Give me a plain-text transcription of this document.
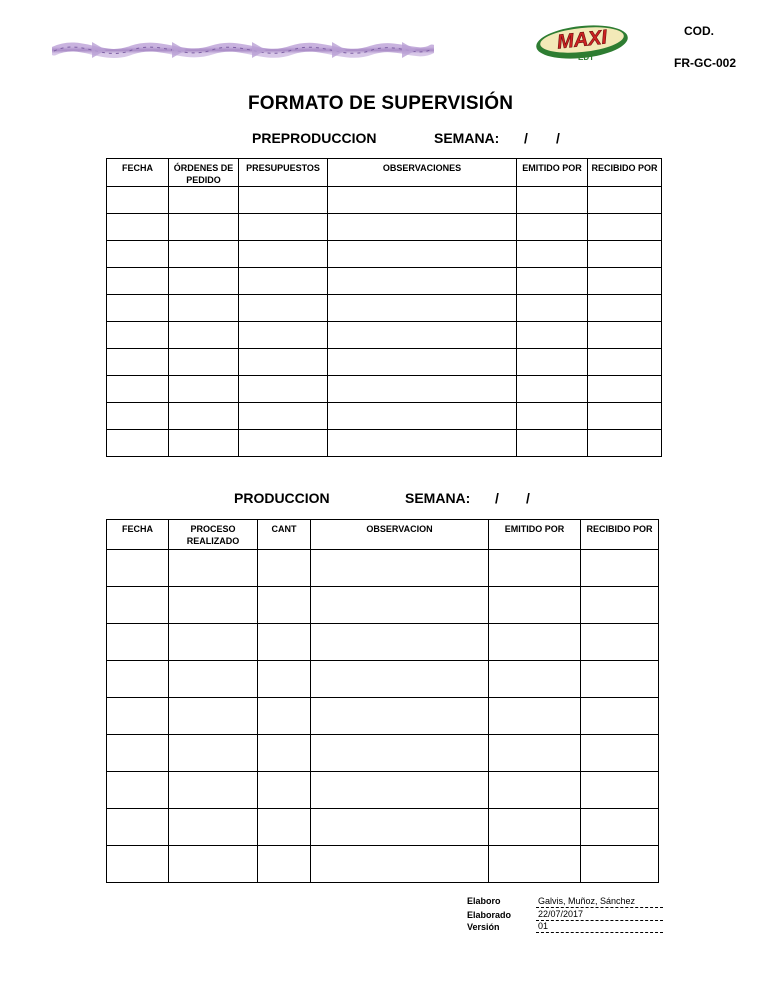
MAXI
EDT
COD.
FR-GC-002
FORMATO DE SUPERVISIÓN
PREPRODUCCION	SEMANA: / /
FECHA	ÓRDENES DE PEDIDO	PRESUPUESTOS	OBSERVACIONES	EMITIDO POR	RECIBIDO POR

PRODUCCION	SEMANA: / /
FECHA	PROCESO REALIZADO	CANT	OBSERVACION	EMITIDO POR	RECIBIDO POR

Elaboro	Galvis, Muñoz, Sánchez
Elaborado	22/07/2017
Versión	01
